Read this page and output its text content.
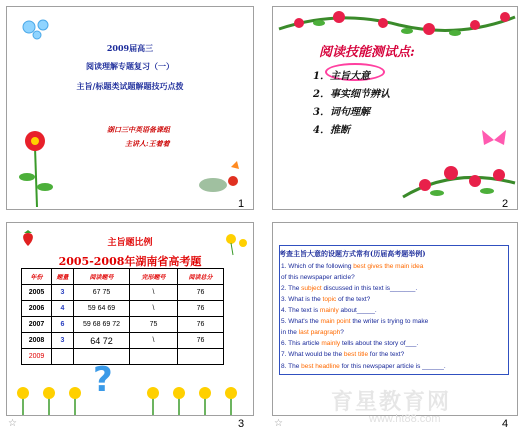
2009届高三
阅读理解专题复习（一）
主旨/标题类试题解题技巧点拨
湖口三中英语备课组
主讲人:王着着
1
阅读技能测试点:
1．主旨大意
2．事实细节辨认
3．词句理解
4．推断
2
主旨题比例
2005-2008年湖南省高考题
年份	题量	阅读题号	完形题号	阅读总分
2005	3	67 75	\	76
2006	4	59 64 69	\	76
2007	6	59 68 69 72	75	76
2008	3	64 72	\	76
2009				
?
3
☆
考查主旨大意的设题方式常有(历届高考题举例)
1. Which of the following best gives the main idea
of this newspaper article?
2. The subject discussed in this text is_______.
3. What is the topic of the text?
4. The text is mainly about_____.
5. What's the main point the writer is trying to make
in the last paragraph?
6. This article mainly tells about the story of___.
7. What would be the best title for the text?
8. The best headline for this newspaper article is ______.
育星教育网
www.ht88.com	4
☆
